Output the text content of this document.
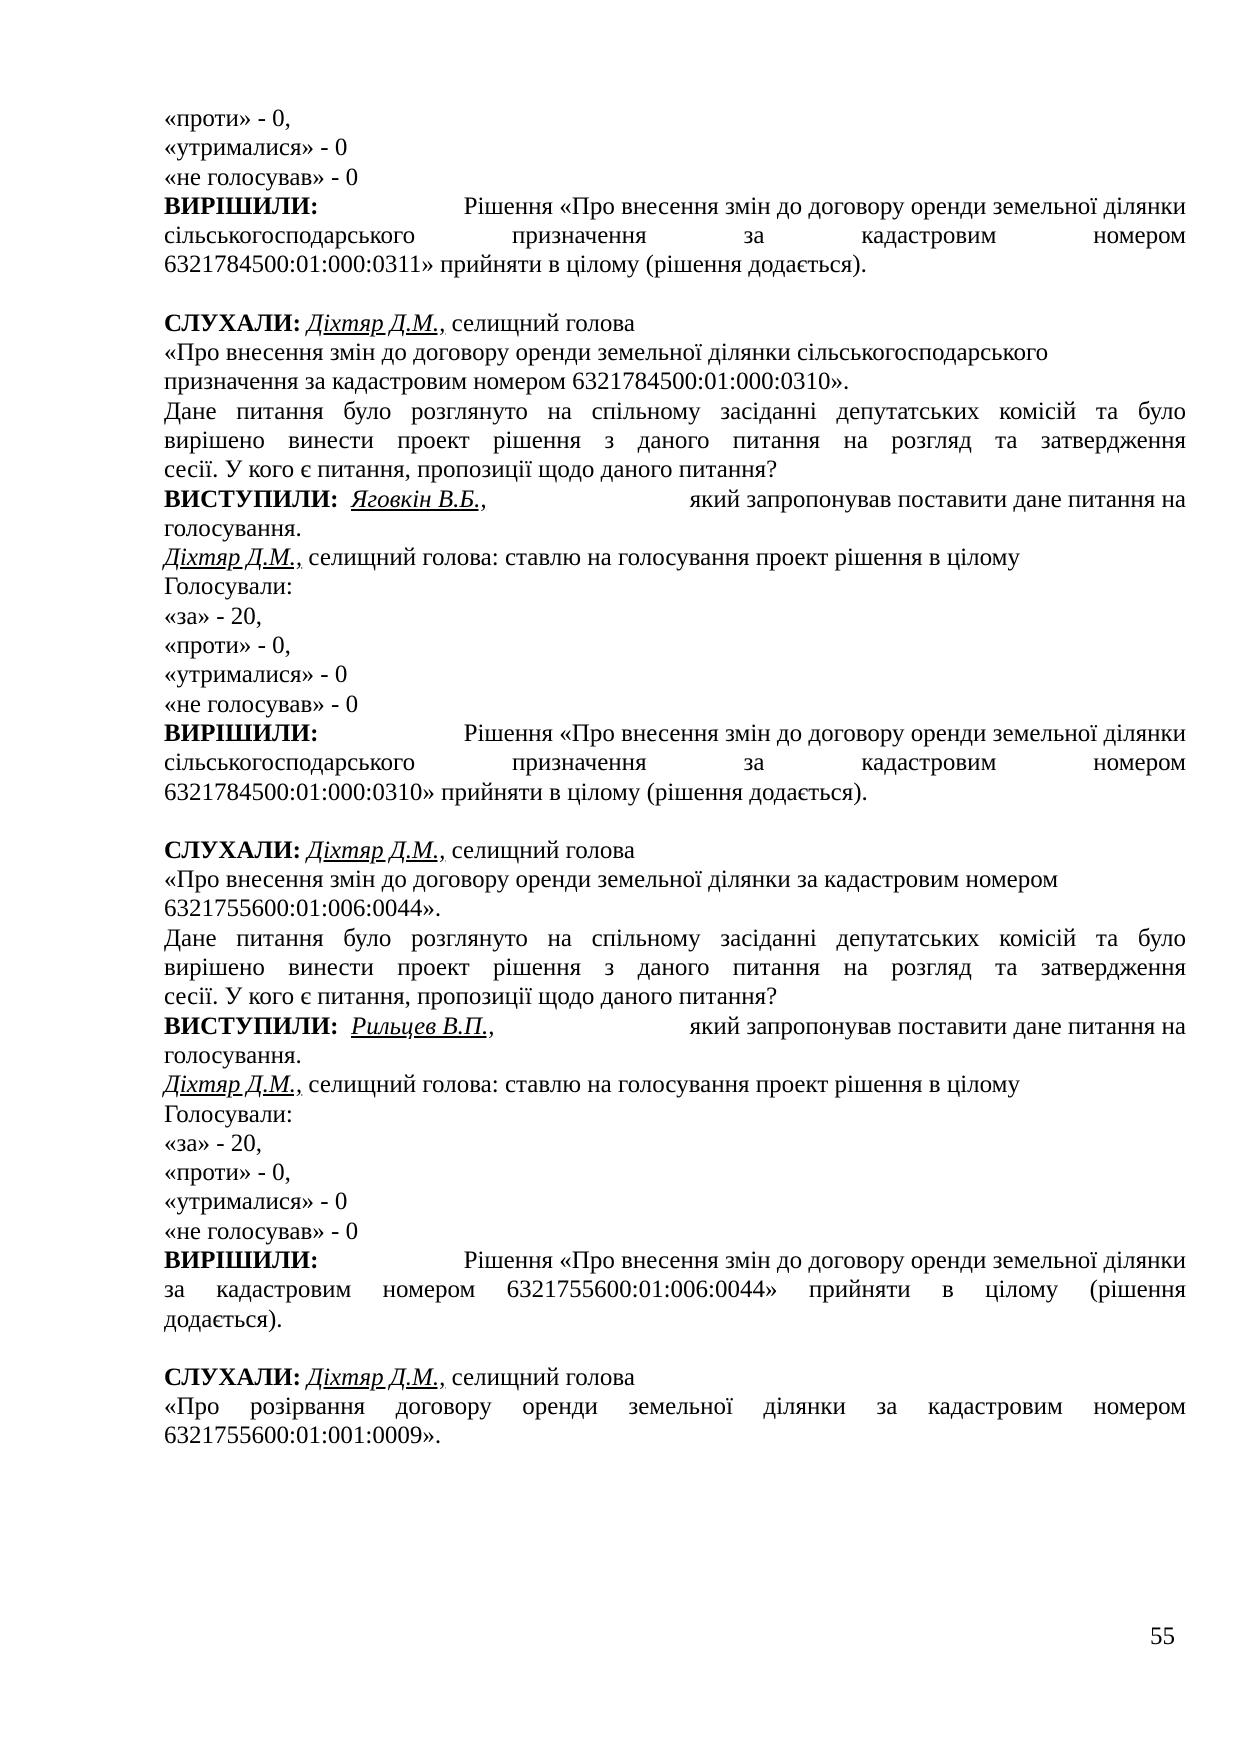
«проти» - 0,
«утрималися» - 0
«не голосував» - 0
ВИРІШИЛИ:	Рішення «Про внесення змін до договору оренди земельної ділянки
сільськогосподарського	призначення	за	кадастровим	номером
6321784500:01:000:0311» прийняти в цілому (рішення додається).
СЛУХАЛИ: Діхтяр Д.М., селищний голова
«Про внесення змін до договору оренди земельної ділянки сільськогосподарського
призначення за кадастровим номером 6321784500:01:000:0310».
Дане питання було розглянуто на спільному засіданні депутатських комісій та було
вирішено винести проект рішення з даного питання на розгляд та затвердження
сесії. У кого є питання, пропозиції щодо даного питання?
ВИСТУПИЛИ: Яговкін В.Б.,	який запропонував поставити дане питання на
голосування.
Діхтяр Д.М., селищний голова: ставлю на голосування проект рішення в цілому
Голосували:
«за» - 20,
«проти» - 0,
«утрималися» - 0
«не голосував» - 0
ВИРІШИЛИ:	Рішення «Про внесення змін до договору оренди земельної ділянки
сільськогосподарського	призначення	за	кадастровим	номером
6321784500:01:000:0310» прийняти в цілому (рішення додається).
СЛУХАЛИ: Діхтяр Д.М., селищний голова
«Про внесення змін до договору оренди земельної ділянки за кадастровим номером
6321755600:01:006:0044».
Дане питання було розглянуто на спільному засіданні депутатських комісій та було
вирішено винести проект рішення з даного питання на розгляд та затвердження
сесії. У кого є питання, пропозиції щодо даного питання?
ВИСТУПИЛИ: Рильцев В.П.,	який запропонував поставити дане питання на
голосування.
Діхтяр Д.М., селищний голова: ставлю на голосування проект рішення в цілому
Голосували:
«за» - 20,
«проти» - 0,
«утрималися» - 0
«не голосував» - 0
ВИРІШИЛИ:	Рішення «Про внесення змін до договору оренди земельної ділянки
за кадастровим номером 6321755600:01:006:0044» прийняти в цілому (рішення
додається).
СЛУХАЛИ: Діхтяр Д.М., селищний голова
«Про розірвання договору оренди земельної ділянки за кадастровим номером
6321755600:01:001:0009».
55
